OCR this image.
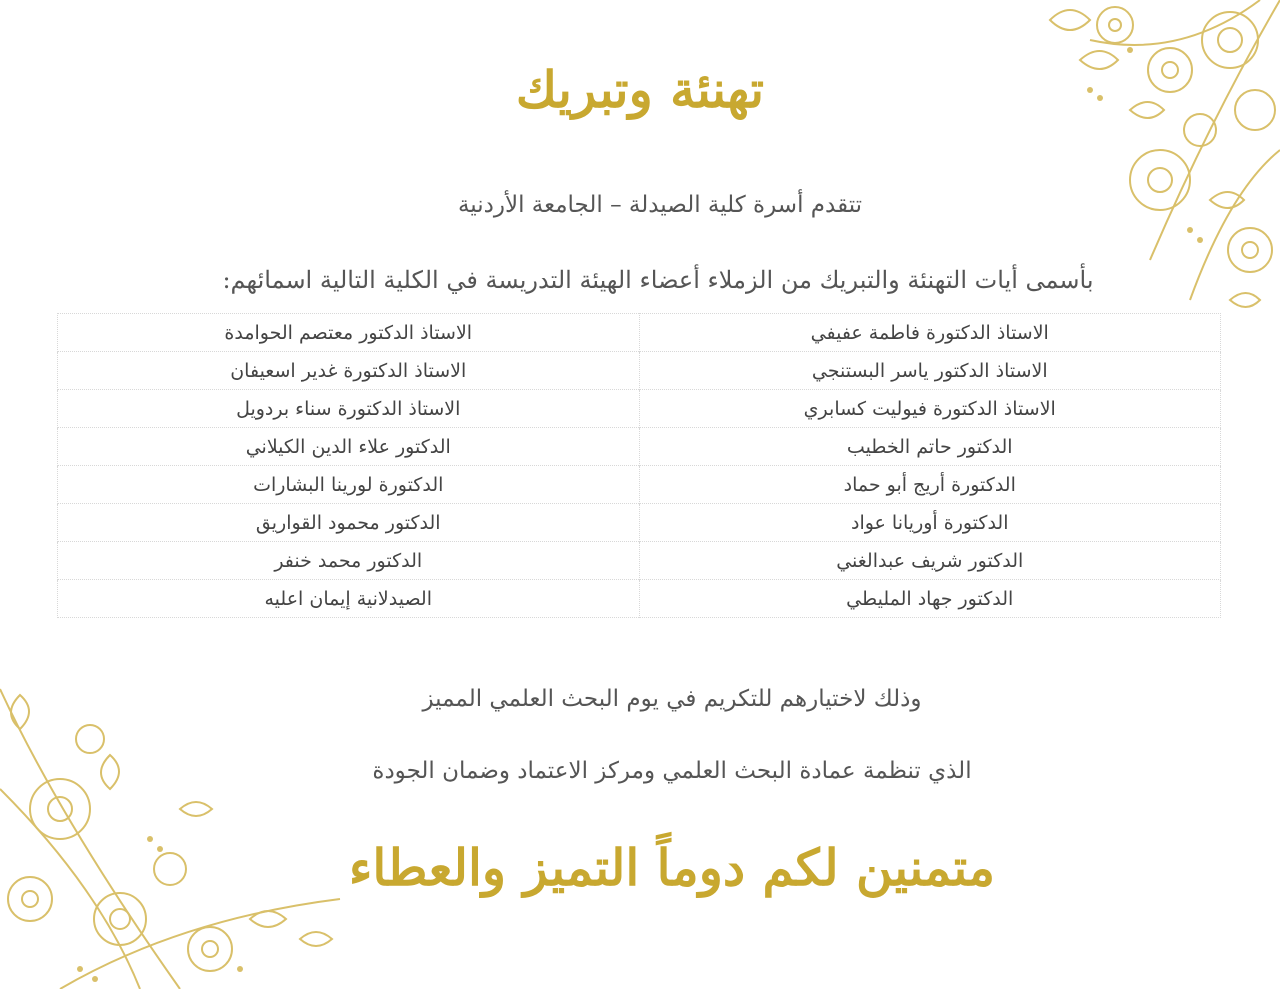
تهنئة وتبريك
تتقدم أسرة كلية الصيدلة – الجامعة الأردنية
بأسمى أيات التهنئة والتبريك من الزملاء أعضاء الهيئة التدريسة في الكلية التالية اسمائهم:
الاستاذ الدكتورة فاطمة عفيفي	الاستاذ الدكتور معتصم الحوامدة
الاستاذ الدكتور ياسر البستنجي	الاستاذ الدكتورة غدير اسعيفان
الاستاذ الدكتورة فيوليت كسابري	الاستاذ الدكتورة سناء بردويل
الدكتور حاتم الخطيب	الدكتور علاء الدين الكيلاني
الدكتورة أريج أبو حماد	الدكتورة لورينا البشارات
الدكتورة أوريانا عواد	الدكتور محمود القواريق
الدكتور شريف عبدالغني	الدكتور محمد خنفر
الدكتور جهاد المليطي	الصيدلانية إيمان اعليه
وذلك لاختيارهم للتكريم في يوم البحث العلمي المميز
الذي تنظمة عمادة البحث العلمي ومركز الاعتماد وضمان الجودة
متمنين لكم دوماً التميز والعطاء
